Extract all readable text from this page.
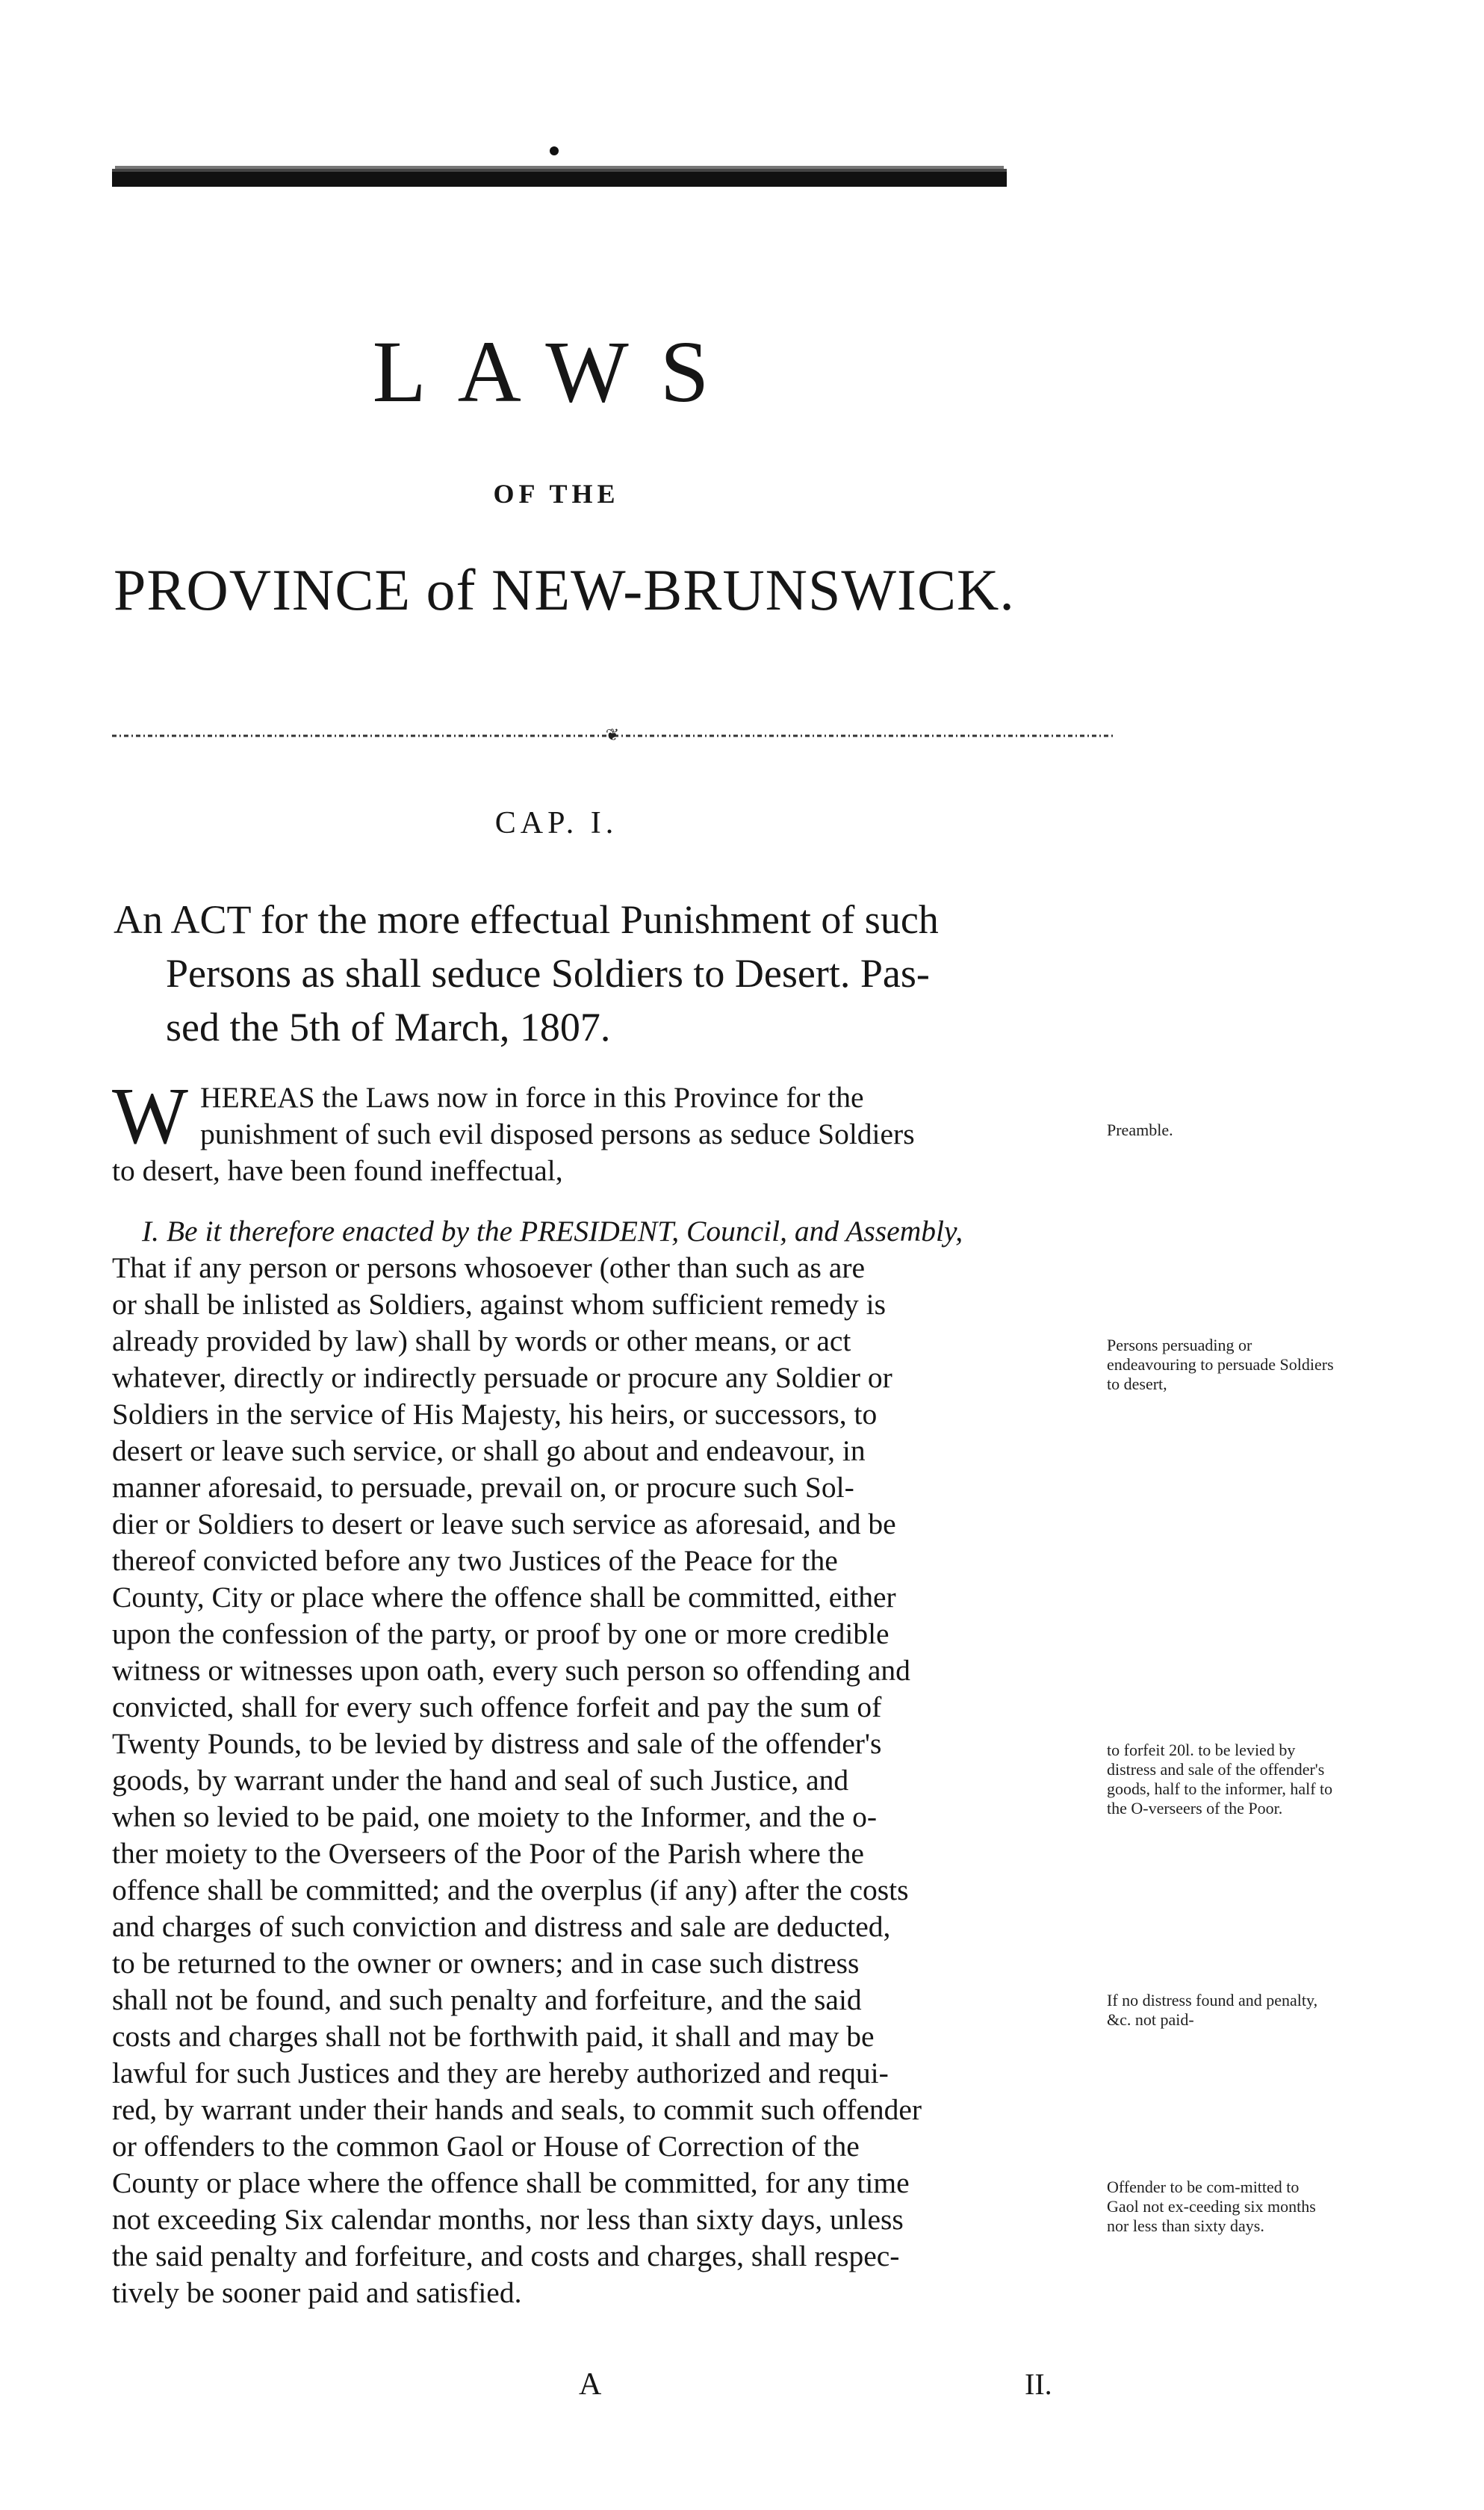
LAWS
OF THE
PROVINCE of NEW-BRUNSWICK.
❦
CAP. I.
An ACT for the more effectual Punishment of such
Persons as shall seduce Soldiers to Desert. Pas-
sed the 5th of March, 1807.
W HEREAS the Laws now in force in this Province for the
punishment of such evil disposed persons as seduce Soldiers
to desert, have been found ineffectual,
I. Be it therefore enacted by the PRESIDENT, Council, and Assembly,
That if any person or persons whosoever (other than such as are
or shall be inlisted as Soldiers, against whom sufficient remedy is
already provided by law) shall by words or other means, or act
whatever, directly or indirectly persuade or procure any Soldier or
Soldiers in the service of His Majesty, his heirs, or successors, to
desert or leave such service, or shall go about and endeavour, in
manner aforesaid, to persuade, prevail on, or procure such Sol-
dier or Soldiers to desert or leave such service as aforesaid, and be
thereof convicted before any two Justices of the Peace for the
County, City or place where the offence shall be committed, either
upon the confession of the party, or proof by one or more credible
witness or witnesses upon oath, every such person so offending and
convicted, shall for every such offence forfeit and pay the sum of
Twenty Pounds, to be levied by distress and sale of the offender's
goods, by warrant under the hand and seal of such Justice, and
when so levied to be paid, one moiety to the Informer, and the o-
ther moiety to the Overseers of the Poor of the Parish where the
offence shall be committed; and the overplus (if any) after the costs
and charges of such conviction and distress and sale are deducted,
to be returned to the owner or owners; and in case such distress
shall not be found, and such penalty and forfeiture, and the said
costs and charges shall not be forthwith paid, it shall and may be
lawful for such Justices and they are hereby authorized and requi-
red, by warrant under their hands and seals, to commit such offender
or offenders to the common Gaol or House of Correction of the
County or place where the offence shall be committed, for any time
not exceeding Six calendar months, nor less than sixty days, unless
the said penalty and forfeiture, and costs and charges, shall respec-
tively be sooner paid and satisfied.
Preamble.
Persons persuading or endeavouring to persuade Soldiers to desert,
to forfeit 20l. to be levied by distress and sale of the offender's goods, half to the informer, half to the O-verseers of the Poor.
If no distress found and penalty, &c. not paid-
Offender to be com-mitted to Gaol not ex-ceeding six months nor less than sixty days.
A	II.
